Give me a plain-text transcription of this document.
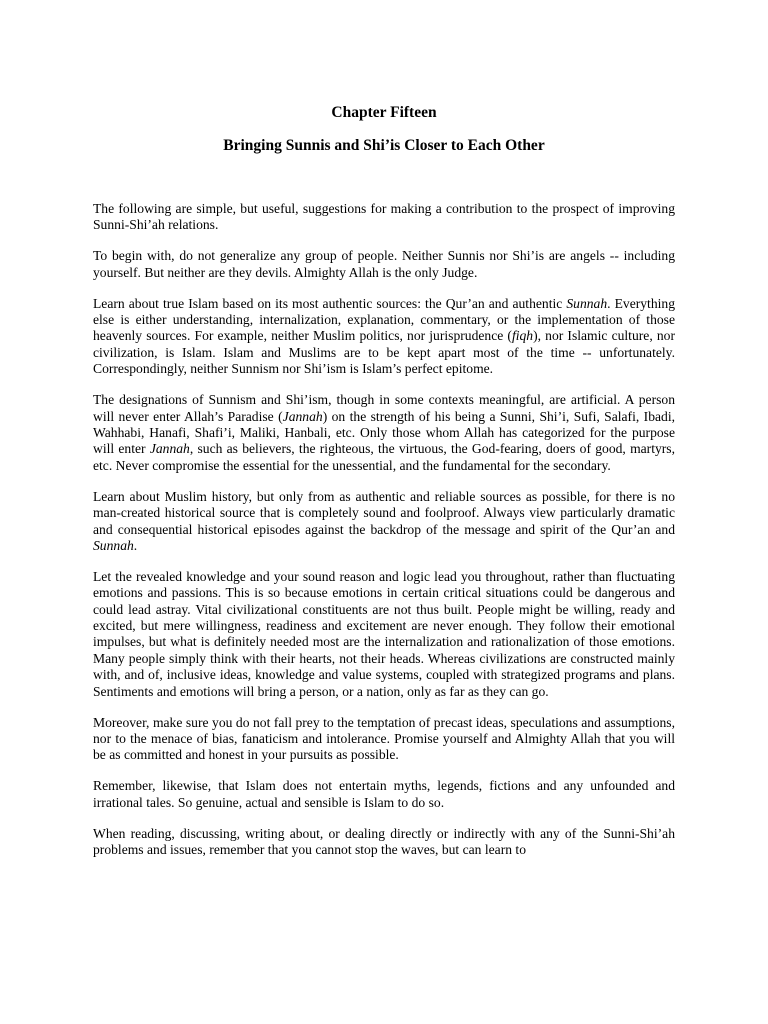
Chapter Fifteen
Bringing Sunnis and Shi’is Closer to Each Other

The following are simple, but useful, suggestions for making a contribution to the prospect of improving Sunni-Shi’ah relations.

To begin with, do not generalize any group of people. Neither Sunnis nor Shi’is are angels -- including yourself. But neither are they devils. Almighty Allah is the only Judge.

Learn about true Islam based on its most authentic sources: the Qur’an and authentic Sunnah. Everything else is either understanding, internalization, explanation, commentary, or the implementation of those heavenly sources. For example, neither Muslim politics, nor jurisprudence (fiqh), nor Islamic culture, nor civilization, is Islam. Islam and Muslims are to be kept apart most of the time -- unfortunately. Correspondingly, neither Sunnism nor Shi’ism is Islam’s perfect epitome.

The designations of Sunnism and Shi’ism, though in some contexts meaningful, are artificial. A person will never enter Allah’s Paradise (Jannah) on the strength of his being a Sunni, Shi’i, Sufi, Salafi, Ibadi, Wahhabi, Hanafi, Shafi’i, Maliki, Hanbali, etc. Only those whom Allah has categorized for the purpose will enter Jannah, such as believers, the righteous, the virtuous, the God-fearing, doers of good, martyrs, etc. Never compromise the essential for the unessential, and the fundamental for the secondary.

Learn about Muslim history, but only from as authentic and reliable sources as possible, for there is no man-created historical source that is completely sound and foolproof. Always view particularly dramatic and consequential historical episodes against the backdrop of the message and spirit of the Qur’an and Sunnah.

Let the revealed knowledge and your sound reason and logic lead you throughout, rather than fluctuating emotions and passions. This is so because emotions in certain critical situations could be dangerous and could lead astray. Vital civilizational constituents are not thus built. People might be willing, ready and excited, but mere willingness, readiness and excitement are never enough. They follow their emotional impulses, but what is definitely needed most are the internalization and rationalization of those emotions. Many people simply think with their hearts, not their heads. Whereas civilizations are constructed mainly with, and of, inclusive ideas, knowledge and value systems, coupled with strategized programs and plans. Sentiments and emotions will bring a person, or a nation, only as far as they can go.

Moreover, make sure you do not fall prey to the temptation of precast ideas, speculations and assumptions, nor to the menace of bias, fanaticism and intolerance. Promise yourself and Almighty Allah that you will be as committed and honest in your pursuits as possible.

Remember, likewise, that Islam does not entertain myths, legends, fictions and any unfounded and irrational tales. So genuine, actual and sensible is Islam to do so.

When reading, discussing, writing about, or dealing directly or indirectly with any of the Sunni-Shi’ah problems and issues, remember that you cannot stop the waves, but can learn to
